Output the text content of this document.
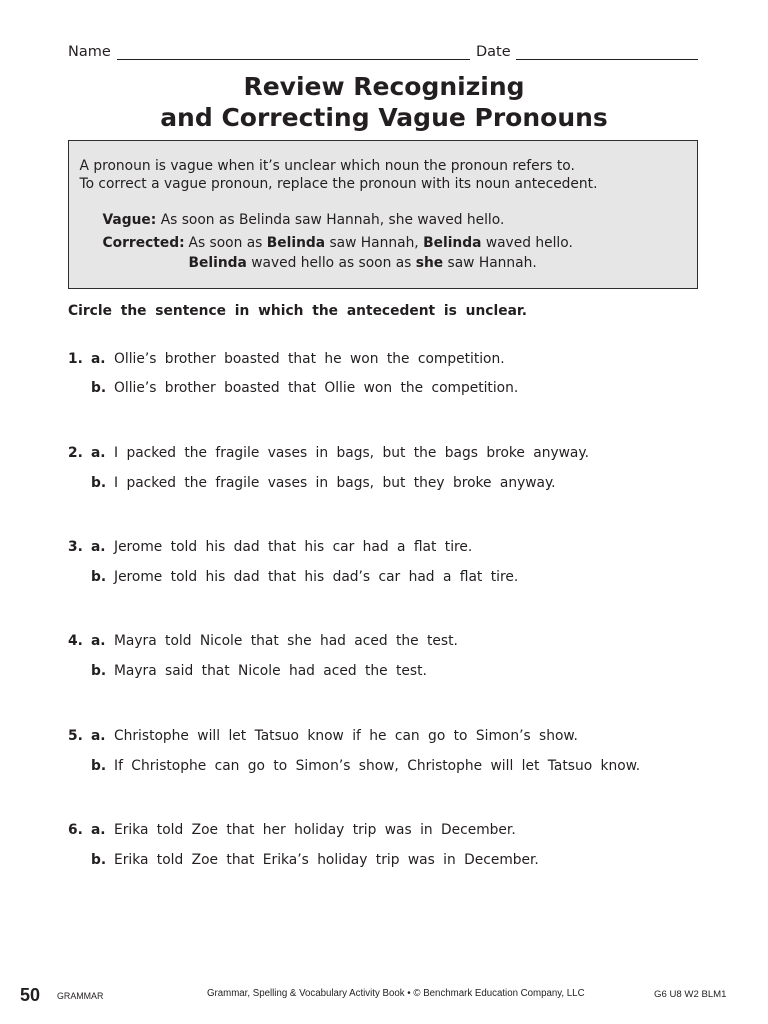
Name	Date
Review Recognizing
and Correcting Vague Pronouns
A pronoun is vague when it’s unclear which noun the pronoun refers to.
To correct a vague pronoun, replace the pronoun with its noun antecedent.
Vague: As soon as Belinda saw Hannah, she waved hello.
Corrected: As soon as Belinda saw Hannah, Belinda waved hello.
Belinda waved hello as soon as she saw Hannah.
Circle the sentence in which the antecedent is unclear.
1. a. Ollie’s brother boasted that he won the competition.
b. Ollie’s brother boasted that Ollie won the competition.
2. a. I packed the fragile vases in bags, but the bags broke anyway.
b. I packed the fragile vases in bags, but they broke anyway.
3. a. Jerome told his dad that his car had a flat tire.
b. Jerome told his dad that his dad’s car had a flat tire.
4. a. Mayra told Nicole that she had aced the test.
b. Mayra said that Nicole had aced the test.
5. a. Christophe will let Tatsuo know if he can go to Simon’s show.
b. If Christophe can go to Simon’s show, Christophe will let Tatsuo know.
6. a. Erika told Zoe that her holiday trip was in December.
b. Erika told Zoe that Erika’s holiday trip was in December.
50 GRAMMAR	Grammar, Spelling & Vocabulary Activity Book • © Benchmark Education Company, LLC	G6 U8 W2 BLM1
